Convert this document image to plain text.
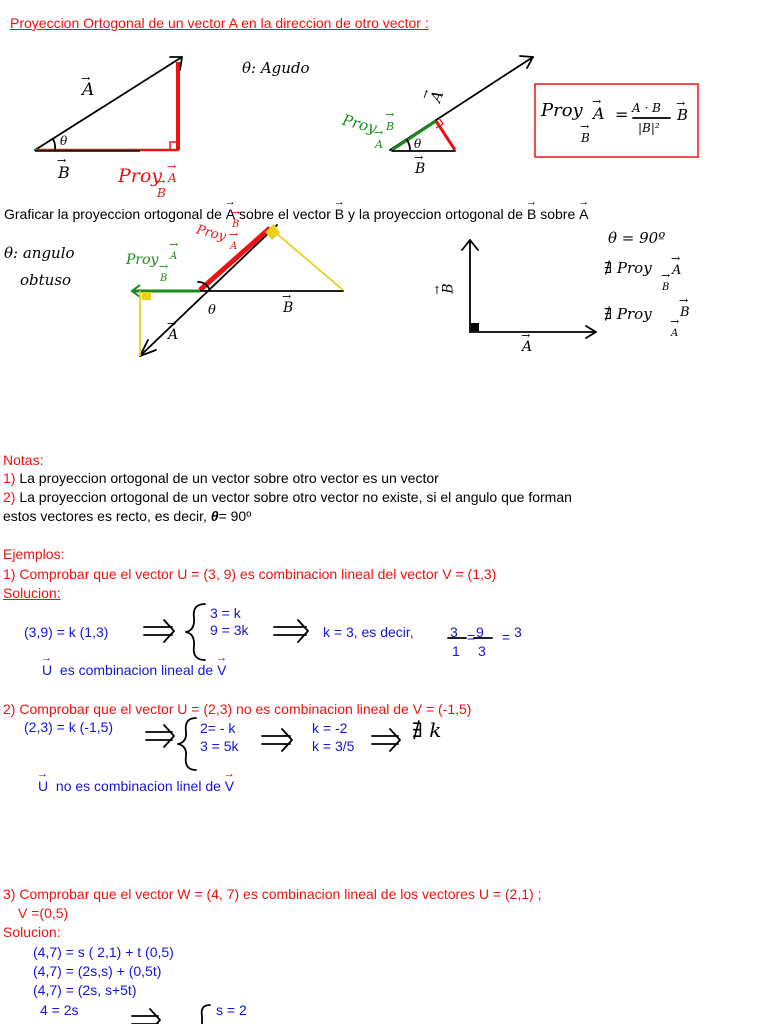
Proyeccion Ortogonal de un vector A en la direccion de otro vector :
→ A
θ
→ B	Proy → A
→ B
θ: Agudo
→ A
θ
→ B
Proy
→ A
→ B
Proy → A
→ B
= A · B
|B|²
→ B
Graficar la proyeccion ortogonal de → A sobre el vector → B y la proyeccion ortogonal de → B sobre → A
θ: angulo
obtuso
Proy → B
→ A
Proy → A
→ B
θ
→ A
→ B
θ = 90º
∄ Proy → A
→ B
∄ Proy → B
→ A
→ B
→ A
Notas:
1) La proyeccion ortogonal de un vector sobre otro vector es un vector
2) La proyeccion ortogonal de un vector sobre otro vector no existe, si el angulo que forman
estos vectores es recto, es decir, θ= 90º
Ejemplos:
1) Comprobar que el vector U = (3, 9) es combinacion lineal del vector V = (1,3)
Solucion:
(3,9) = k (1,3)
3 = k
9 = 3k	k = 3, es decir,	3
1
= 9
3
= 3
→ U es combinacion lineal de → V
2) Comprobar que el vector U = (2,3) no es combinacion lineal de V = (-1,5)
(2,3) = k (-1,5)	2= - k
3 = 5k
k = -2
k = 3/5
∄ k
→ U no es combinacion linel de → V
3) Comprobar que el vector W = (4, 7) es combinacion lineal de los vectores U = (2,1) ;
V =(0,5)
Solucion:
(4,7) = s ( 2,1) + t (0,5)
(4,7) = (2s,s) + (0,5t)
(4,7) = (2s, s+5t)
4 = 2s	s = 2
